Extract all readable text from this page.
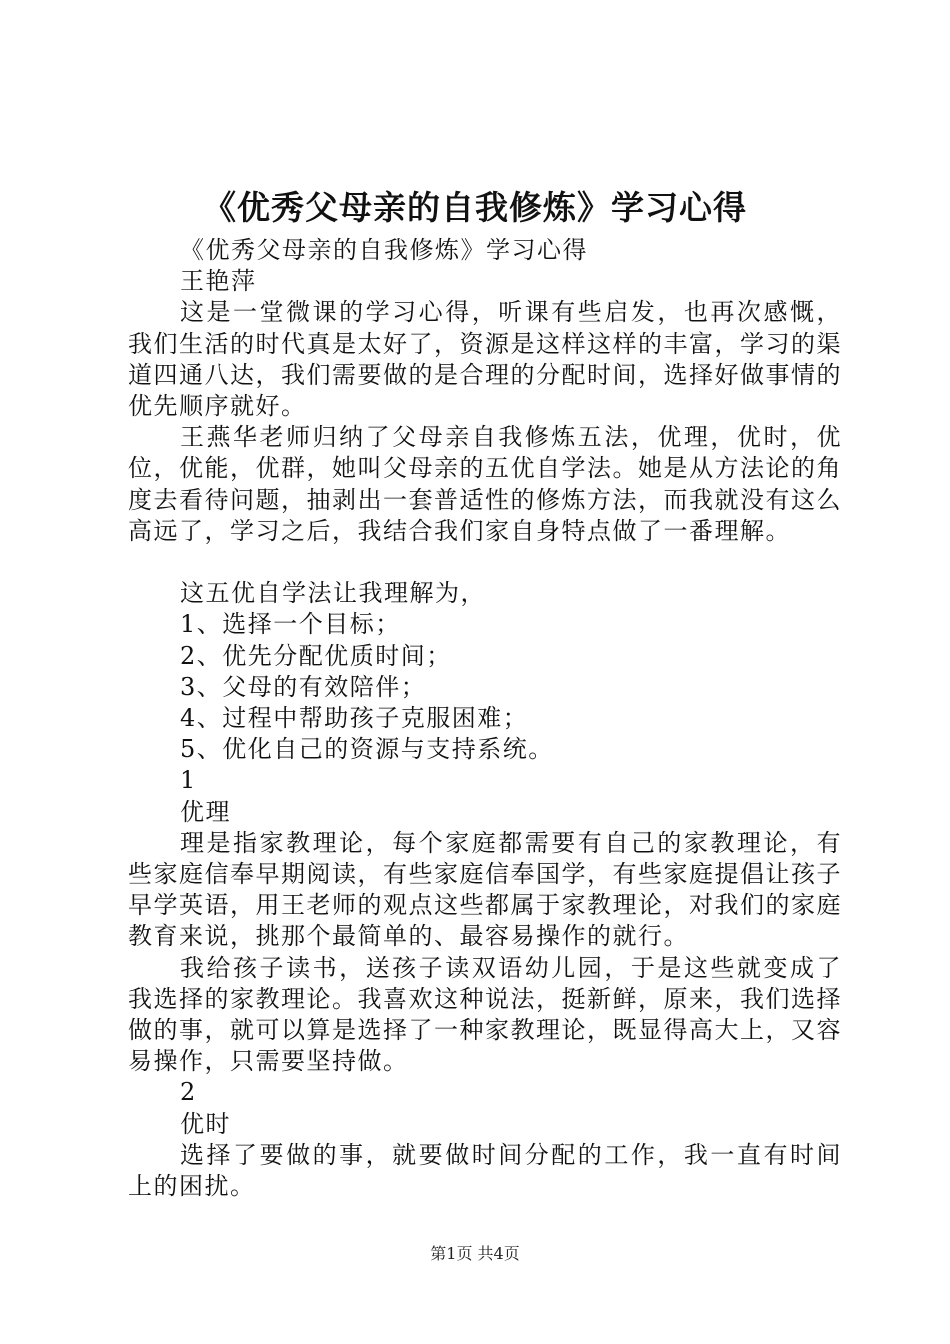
《优秀父母亲的自我修炼》学习心得
《优秀父母亲的自我修炼》学习心得
王艳萍
这是一堂微课的学习心得，听课有些启发，也再次感慨，我们生活的时代真是太好了，资源是这样这样的丰富，学习的渠道四通八达，我们需要做的是合理的分配时间，选择好做事情的优先顺序就好。
王燕华老师归纳了父母亲自我修炼五法，优理，优时，优位，优能，优群，她叫父母亲的五优自学法。她是从方法论的角度去看待问题，抽剥出一套普适性的修炼方法，而我就没有这么高远了，学习之后，我结合我们家自身特点做了一番理解。
这五优自学法让我理解为，
1、选择一个目标；
2、优先分配优质时间；
3、父母的有效陪伴；
4、过程中帮助孩子克服困难；
5、优化自己的资源与支持系统。
1
优理
理是指家教理论，每个家庭都需要有自己的家教理论，有些家庭信奉早期阅读，有些家庭信奉国学，有些家庭提倡让孩子早学英语，用王老师的观点这些都属于家教理论，对我们的家庭教育来说，挑那个最简单的、最容易操作的就行。
我给孩子读书，送孩子读双语幼儿园，于是这些就变成了我选择的家教理论。我喜欢这种说法，挺新鲜，原来，我们选择做的事，就可以算是选择了一种家教理论，既显得高大上，又容易操作，只需要坚持做。
2
优时
选择了要做的事，就要做时间分配的工作，我一直有时间上的困扰。
第1页 共4页
